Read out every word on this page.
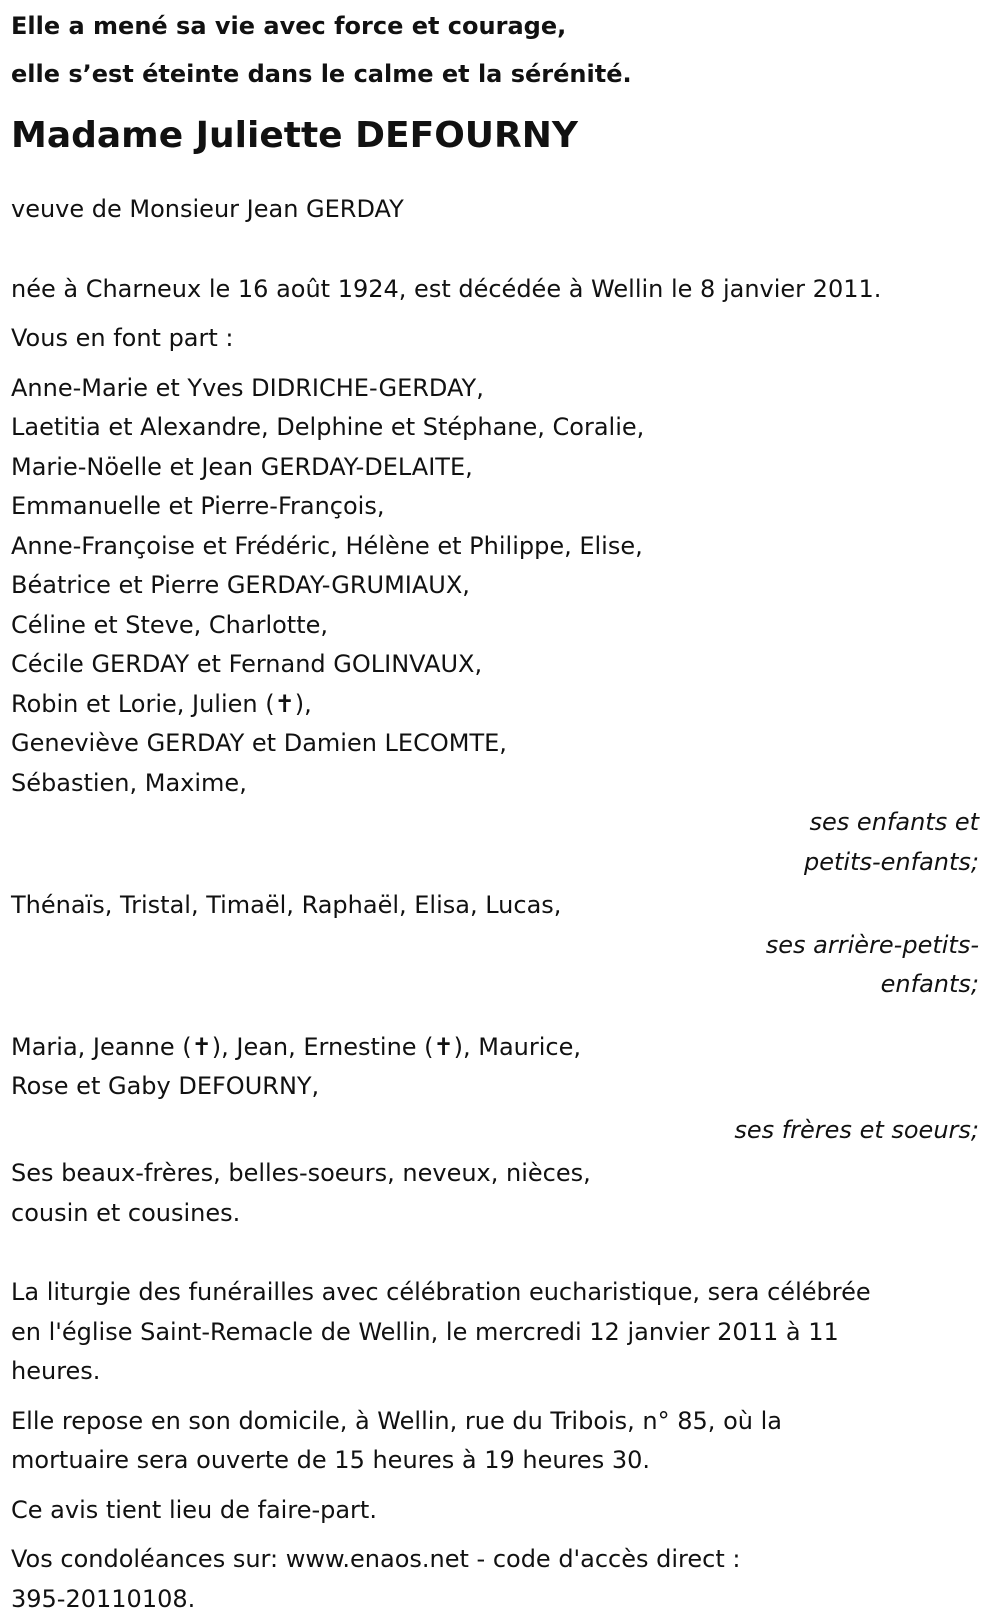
Elle a mené sa vie avec force et courage,
elle s’est éteinte dans le calme et la sérénité.
Madame Juliette DEFOURNY
veuve de Monsieur Jean GERDAY
née à Charneux le 16 août 1924, est décédée à Wellin le 8 janvier 2011.
Vous en font part :
Anne-Marie et Yves DIDRICHE-GERDAY,
Laetitia et Alexandre, Delphine et Stéphane, Coralie,
Marie-Nöelle et Jean GERDAY-DELAITE,
Emmanuelle et Pierre-François,
Anne-Françoise et Frédéric, Hélène et Philippe, Elise,
Béatrice et Pierre GERDAY-GRUMIAUX,
Céline et Steve, Charlotte,
Cécile GERDAY et Fernand GOLINVAUX,
Robin et Lorie, Julien (✝),
Geneviève GERDAY et Damien LECOMTE,
Sébastien, Maxime,
ses enfants et
petits-enfants;
Thénaïs, Tristal, Timaël, Raphaël, Elisa, Lucas,
ses arrière-petits-
enfants;
Maria, Jeanne (✝), Jean, Ernestine (✝), Maurice,
Rose et Gaby DEFOURNY,
ses frères et soeurs;
Ses beaux-frères, belles-soeurs, neveux, nièces,
cousin et cousines.
La liturgie des funérailles avec célébration eucharistique, sera célébrée
en l'église Saint-Remacle de Wellin, le mercredi 12 janvier 2011 à 11
heures.
Elle repose en son domicile, à Wellin, rue du Tribois, n° 85, où la
mortuaire sera ouverte de 15 heures à 19 heures 30.
Ce avis tient lieu de faire-part.
Vos condoléances sur: www.enaos.net - code d'accès direct :
395-20110108.
